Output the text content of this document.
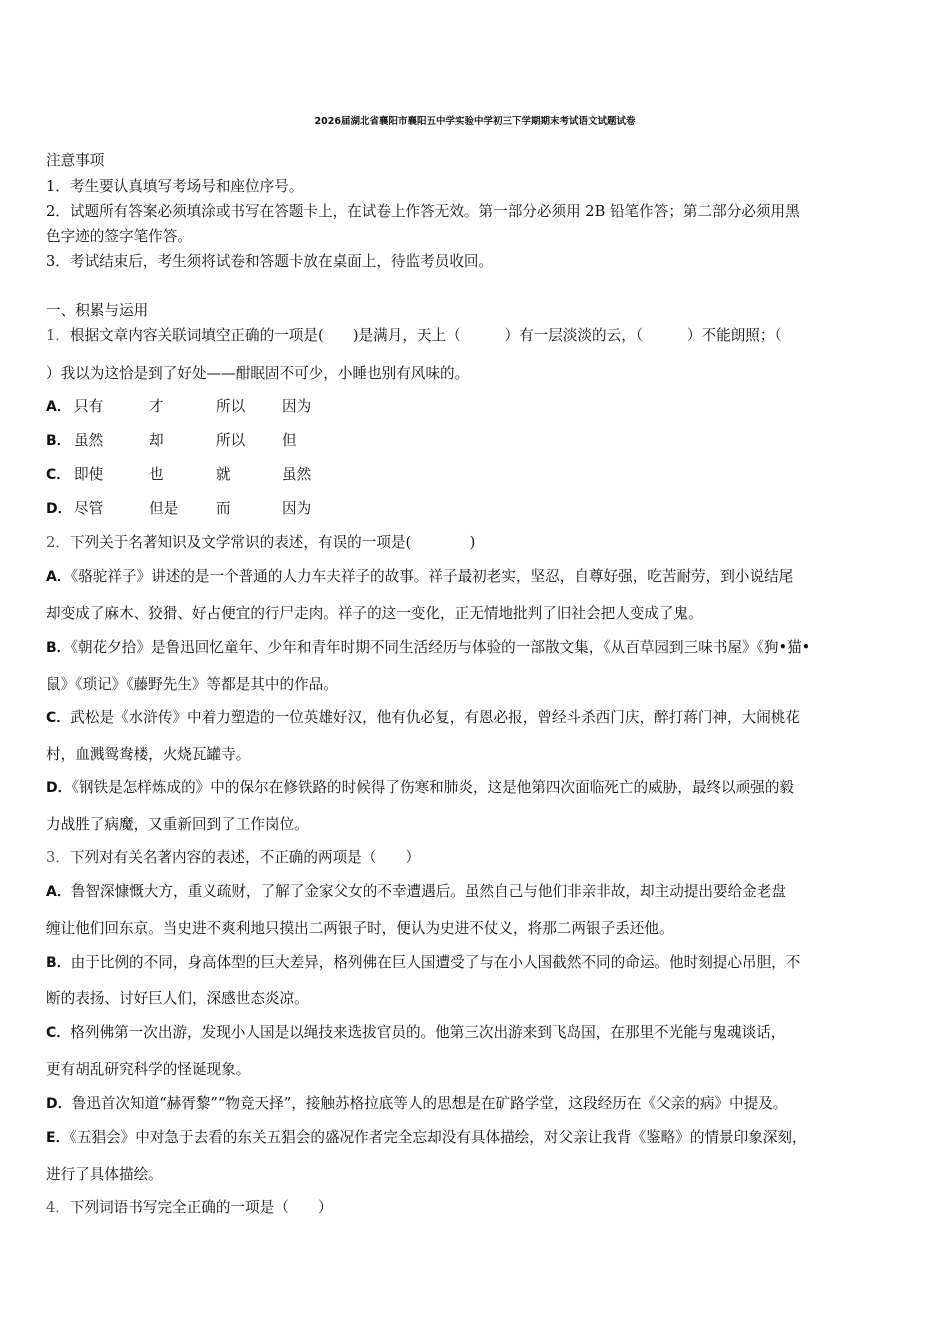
2026届湖北省襄阳市襄阳五中学实验中学初三下学期期末考试语文试题试卷
注意事项
1．考生要认真填写考场号和座位序号。
2．试题所有答案必须填涂或书写在答题卡上，在试卷上作答无效。第一部分必须用 2B 铅笔作答；第二部分必须用黑
色字迹的签字笔作答。
3．考试结束后，考生须将试卷和答题卡放在桌面上，待监考员收回。
一、积累与运用
1．根据文章内容关联词填空正确的一项是(　　)是满月，天上（　　　）有一层淡淡的云，（　　　）不能朗照；（
）我以为这恰是到了好处——酣眠固不可少，小睡也别有风味的。
A． 只有	才	所以	因为
B． 虽然	却	所以	但
C． 即使	也	就	虽然
D． 尽管	但是	而	因为
2．下列关于名著知识及文学常识的表述，有误的一项是(　　　　)
A．《骆驼祥子》讲述的是一个普通的人力车夫祥子的故事。祥子最初老实，坚忍，自尊好强，吃苦耐劳，到小说结尾
却变成了麻木、狡猾、好占便宜的行尸走肉。祥子的这一变化，正无情地批判了旧社会把人变成了鬼。
B．《朝花夕拾》是鲁迅回忆童年、少年和青年时期不同生活经历与体验的一部散文集，《从百草园到三味书屋》《狗•猫•
鼠》《琐记》《藤野先生》等都是其中的作品。
C．武松是《水浒传》中着力塑造的一位英雄好汉，他有仇必复，有恩必报，曾经斗杀西门庆，醉打蒋门神，大闹桃花
村，血溅鸳鸯楼，火烧瓦罐寺。
D．《钢铁是怎样炼成的》中的保尔在修铁路的时候得了伤寒和肺炎，这是他第四次面临死亡的威胁，最终以顽强的毅
力战胜了病魔，又重新回到了工作岗位。
3．下列对有关名著内容的表述，不正确的两项是（　　）
A．鲁智深慷慨大方，重义疏财，了解了金家父女的不幸遭遇后。虽然自己与他们非亲非故，却主动提出要给金老盘
缠让他们回东京。当史进不爽利地只摸出二两银子时，便认为史进不仗义，将那二两银子丢还他。
B．由于比例的不同，身高体型的巨大差异，格列佛在巨人国遭受了与在小人国截然不同的命运。他时刻提心吊胆，不
断的表扬、讨好巨人们，深感世态炎凉。
C．格列佛第一次出游，发现小人国是以绳技来选拔官员的。他第三次出游来到飞岛国，在那里不光能与鬼魂谈话，
更有胡乱研究科学的怪诞现象。
D．鲁迅首次知道“赫胥黎”“物竞天择”，接触苏格拉底等人的思想是在矿路学堂，这段经历在《父亲的病》中提及。
E．《五猖会》中对急于去看的东关五猖会的盛况作者完全忘却没有具体描绘，对父亲让我背《鉴略》的情景印象深刻，
进行了具体描绘。
4．下列词语书写完全正确的一项是（　　）
